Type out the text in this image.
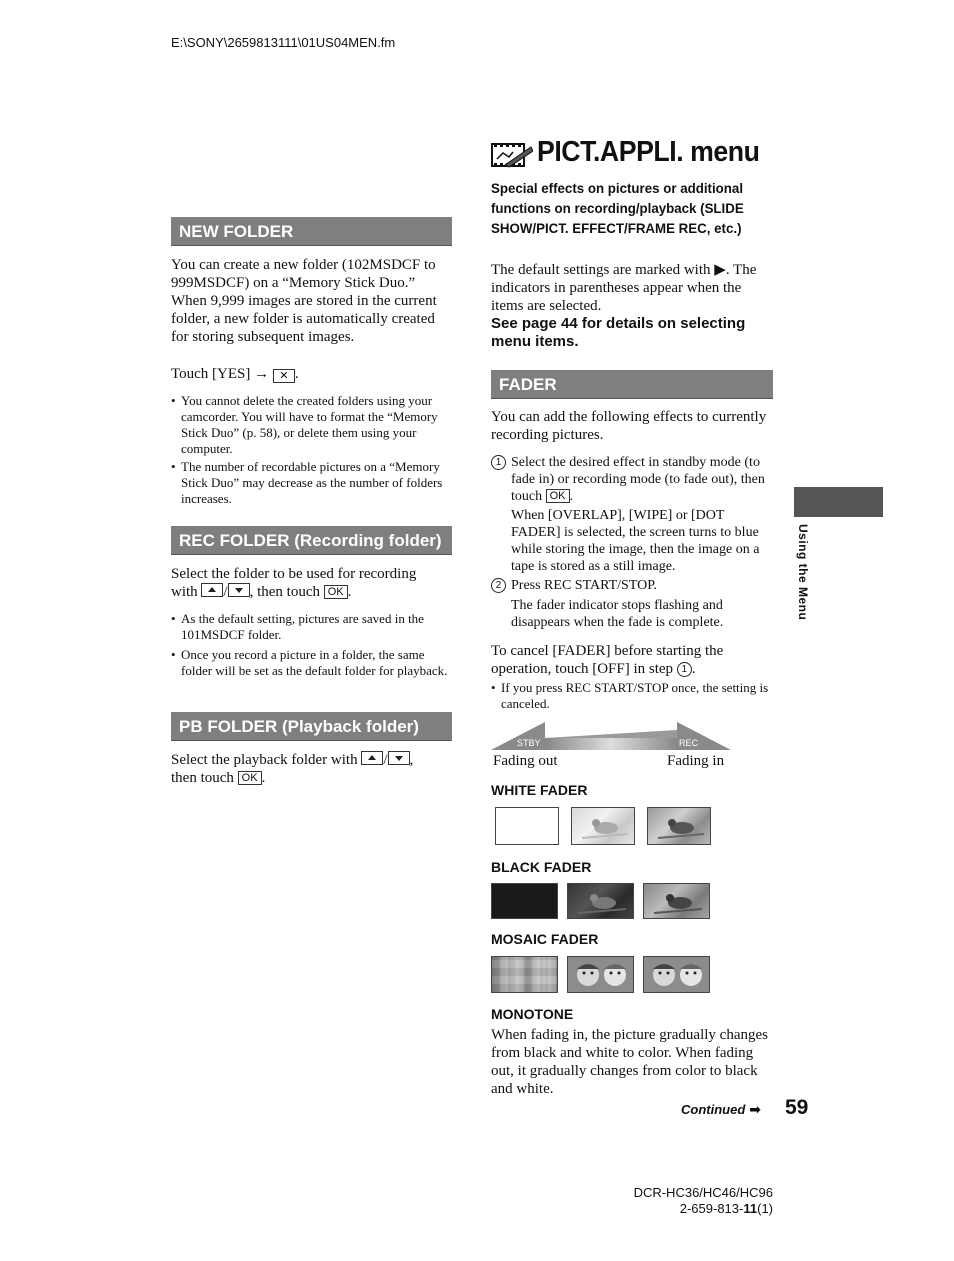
E:\SONY\2659813111\01US04MEN.fm
NEW FOLDER
You can create a new folder (102MSDCF to 999MSDCF) on a “Memory Stick Duo.” When 9,999 images are stored in the current folder, a new folder is automatically created for storing subsequent images.
Touch [YES] → ✕ .
• You cannot delete the created folders using your camcorder. You will have to format the “Memory Stick Duo” (p. 58), or delete them using your computer.
• The number of recordable pictures on a “Memory Stick Duo” may decrease as the number of folders increases.
REC FOLDER (Recording folder)
Select the folder to be used for recording
with / , then touch OK .
• As the default setting, pictures are saved in the 101MSDCF folder.
• Once you record a picture in a folder, the same folder will be set as the default folder for playback.
PB FOLDER (Playback folder)
Select the playback folder with / ,
then touch OK .
PICT.APPLI. menu
Special effects on pictures or additional functions on recording/playback (SLIDE SHOW/PICT. EFFECT/FRAME REC, etc.)
The default settings are marked with ▶. The indicators in parentheses appear when the items are selected.
See page 44 for details on selecting menu items.
FADER
You can add the following effects to currently recording pictures.
1 Select the desired effect in standby mode (to fade in) or recording mode (to fade out), then touch OK .
When [OVERLAP], [WIPE] or [DOT FADER] is selected, the screen turns to blue while storing the image, then the image on a tape is stored as a still image.
2 Press REC START/STOP.
The fader indicator stops flashing and disappears when the fade is complete.
To cancel [FADER] before starting the operation, touch [OFF] in step 1 .
• If you press REC START/STOP once, the setting is canceled.
STBY	REC
Fading out	Fading in
WHITE FADER
BLACK FADER
MOSAIC FADER
MONOTONE
When fading in, the picture gradually changes from black and white to color. When fading out, it gradually changes from color to black and white.
Continued ➡ 59
Using the Menu
DCR-HC36/HC46/HC96
2-659-813-11(1)
